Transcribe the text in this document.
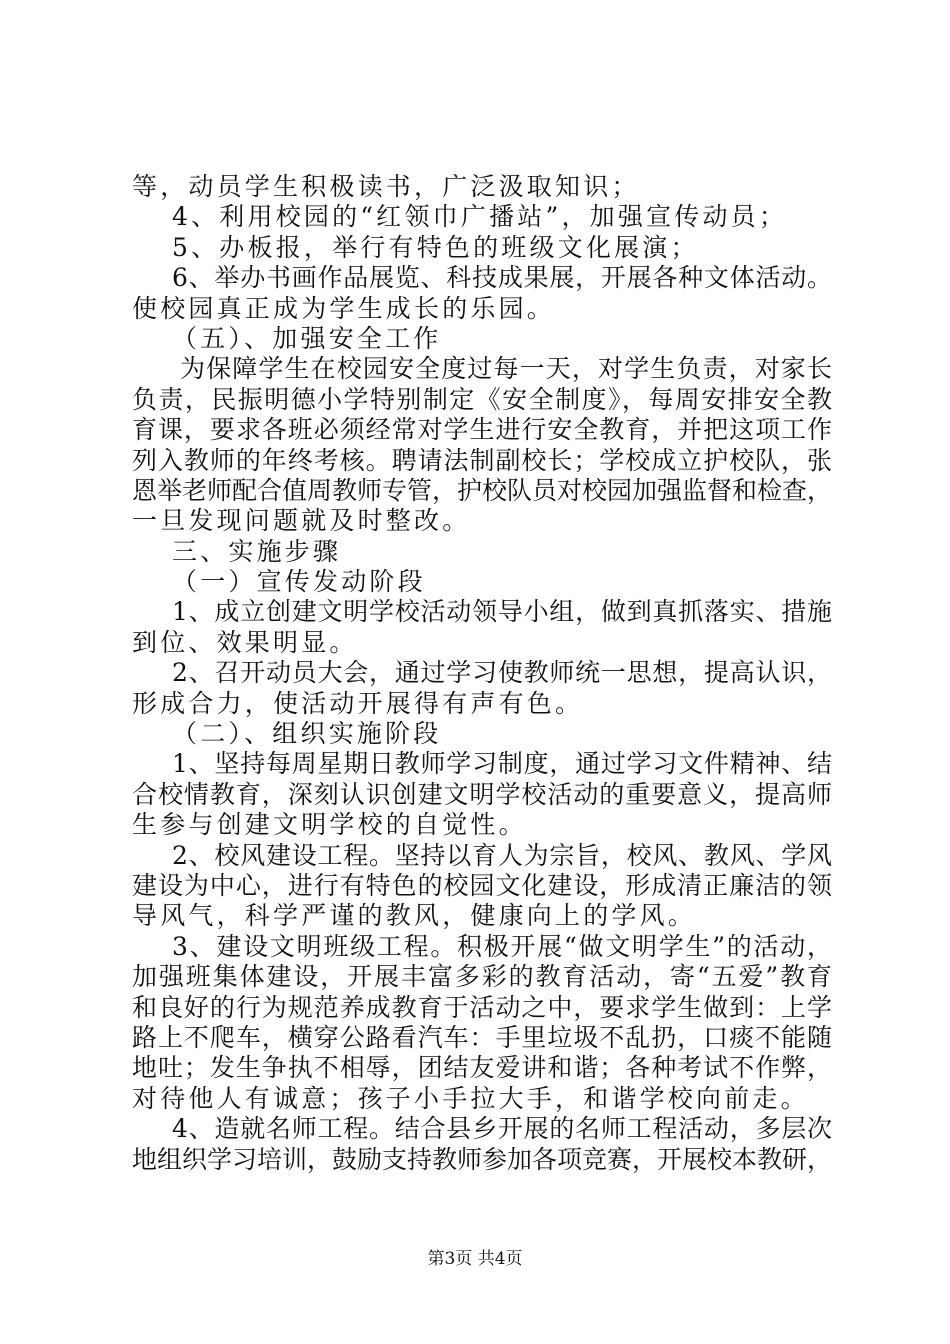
等，动员学生积极读书，广泛汲取知识；
4、利用校园的“红领巾广播站”，加强宣传动员；
5、办板报，举行有特色的班级文化展演；
6、举办书画作品展览、科技成果展，开展各种文体活动。
使校园真正成为学生成长的乐园。
（五）、加强安全工作
为保障学生在校园安全度过每一天，对学生负责，对家长
负责，民振明德小学特别制定《安全制度》，每周安排安全教
育课，要求各班必须经常对学生进行安全教育，并把这项工作
列入教师的年终考核。聘请法制副校长；学校成立护校队，张
恩举老师配合值周教师专管，护校队员对校园加强监督和检查，
一旦发现问题就及时整改。
三、实施步骤
（一）宣传发动阶段
1、成立创建文明学校活动领导小组，做到真抓落实、措施
到位、效果明显。
2、召开动员大会，通过学习使教师统一思想，提高认识，
形成合力，使活动开展得有声有色。
（二）、组织实施阶段
1、坚持每周星期日教师学习制度，通过学习文件精神、结
合校情教育，深刻认识创建文明学校活动的重要意义，提高师
生参与创建文明学校的自觉性。
2、校风建设工程。坚持以育人为宗旨，校风、教风、学风
建设为中心，进行有特色的校园文化建设，形成清正廉洁的领
导风气，科学严谨的教风，健康向上的学风。
3、建设文明班级工程。积极开展“做文明学生”的活动，
加强班集体建设，开展丰富多彩的教育活动，寄“五爱”教育
和良好的行为规范养成教育于活动之中，要求学生做到：上学
路上不爬车，横穿公路看汽车：手里垃圾不乱扔，口痰不能随
地吐；发生争执不相辱，团结友爱讲和谐；各种考试不作弊，
对待他人有诚意；孩子小手拉大手，和谐学校向前走。
4、造就名师工程。结合县乡开展的名师工程活动，多层次
地组织学习培训，鼓励支持教师参加各项竞赛，开展校本教研，
第3页 共4页
